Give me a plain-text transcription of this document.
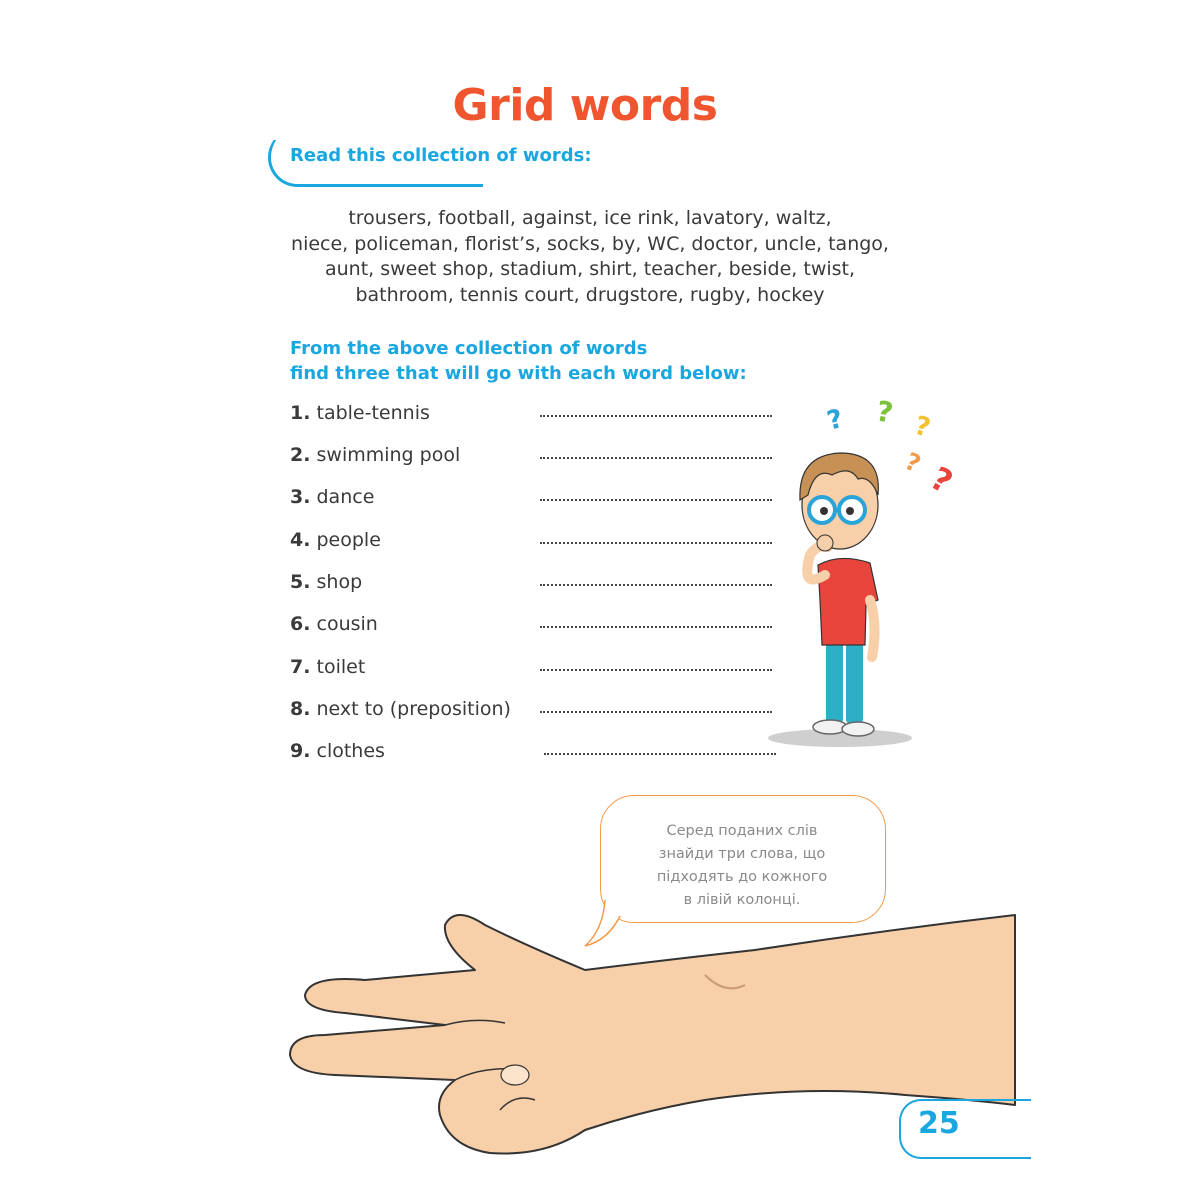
Grid words
Read this collection of words:
trousers, football, against, ice rink, lavatory, waltz,
niece, policeman, florist’s, socks, by, WC, doctor, uncle, tango,
aunt, sweet shop, stadium, shirt, teacher, beside, twist,
bathroom, tennis court, drugstore, rugby, hockey
From the above collection of words
find three that will go with each word below:
1. table-tennis
2. swimming pool
3. dance
4. people
5. shop
6. cousin
7. toilet
8. next to (preposition)
9. clothes
? ? ?
? ?
Серед поданих слів
знайди три слова, що
підходять до кожного
в лівій колонці.
25
